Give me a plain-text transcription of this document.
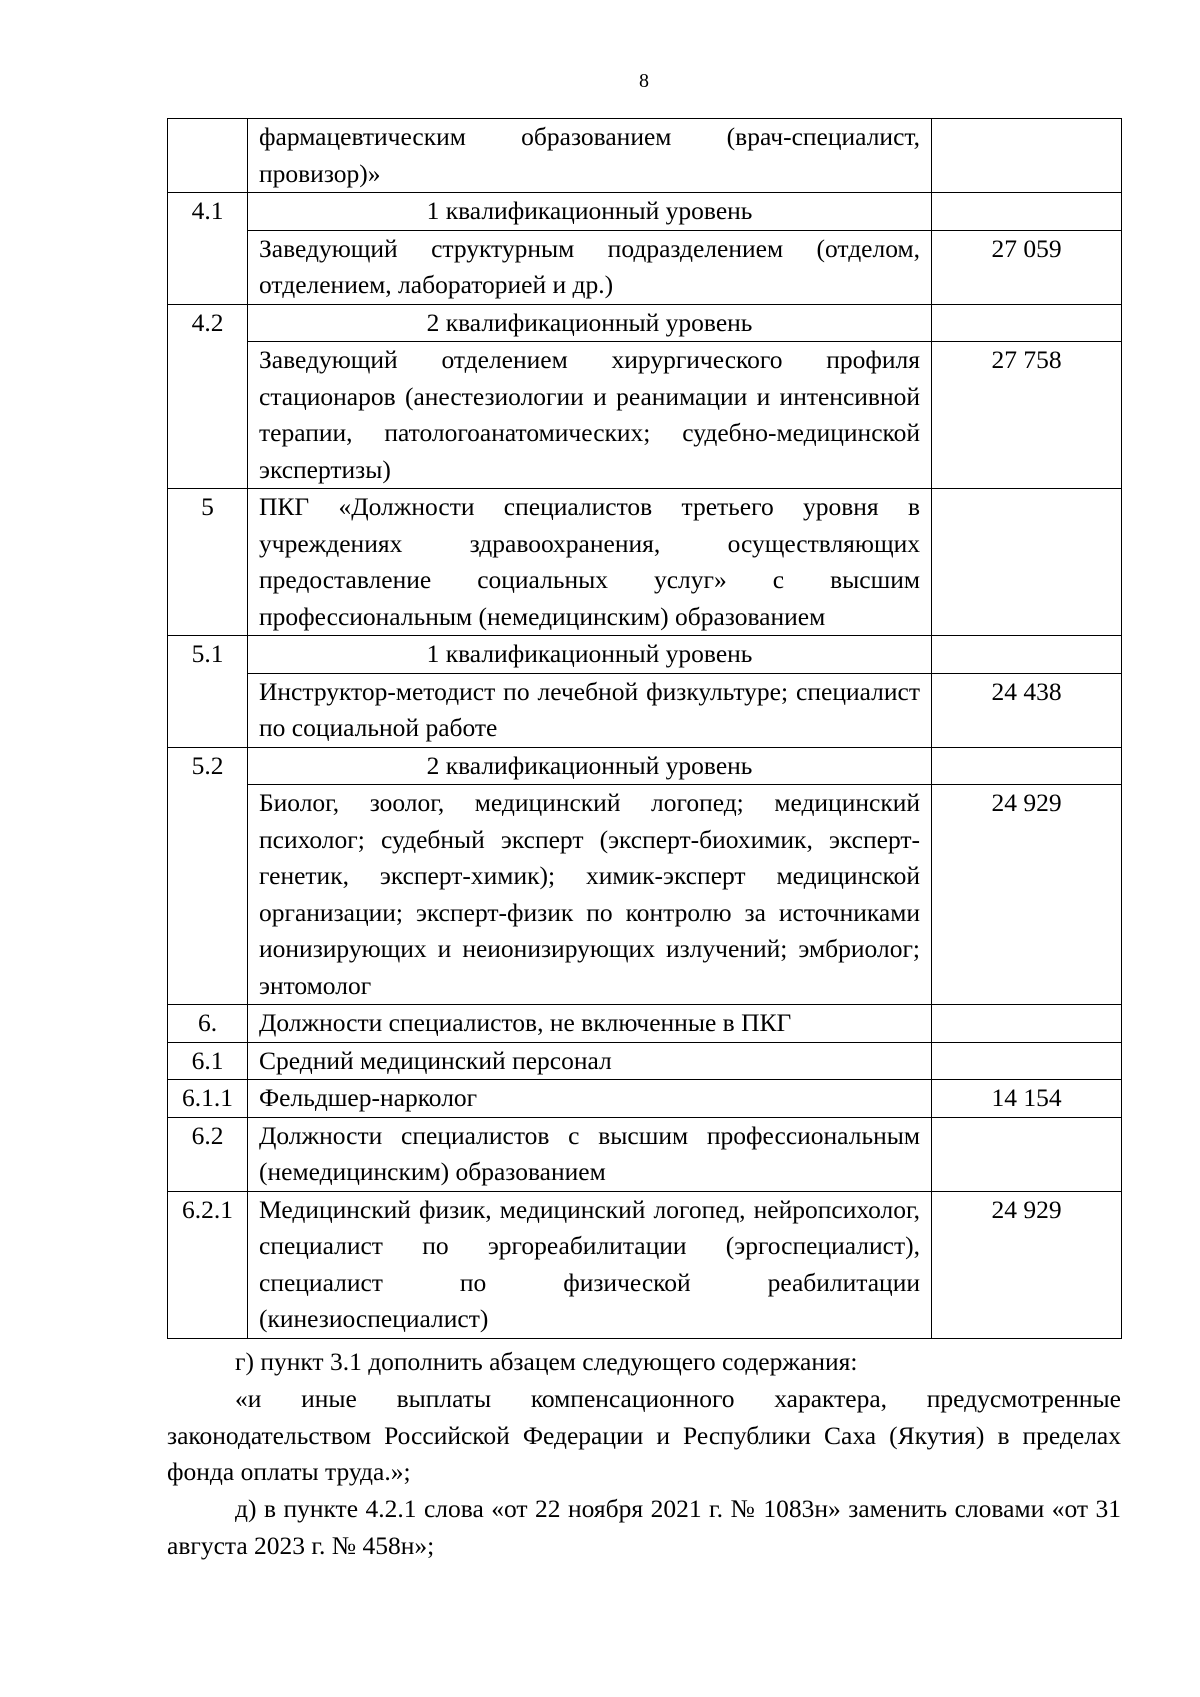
8
	фармацевтическим образованием (врач-специалист, провизор)»	
4.1	1 квалификационный уровень	
	Заведующий структурным подразделением (отделом, отделением, лабораторией и др.)	27 059
4.2	2 квалификационный уровень	
	Заведующий отделением хирургического профиля стационаров (анестезиологии и реанимации и интенсивной терапии, патологоанатомических; судебно-медицинской экспертизы)	27 758
5	ПКГ «Должности специалистов третьего уровня в учреждениях здравоохранения, осуществляющих предоставление социальных услуг» с высшим профессиональным (немедицинским) образованием	
5.1	1 квалификационный уровень	
	Инструктор-методист по лечебной физкультуре; специалист по социальной работе	24 438
5.2	2 квалификационный уровень	
	Биолог, зоолог, медицинский логопед; медицинский психолог; судебный эксперт (эксперт-биохимик, эксперт-генетик, эксперт-химик); химик-эксперт медицинской организации; эксперт-физик по контролю за источниками ионизирующих и неионизирующих излучений; эмбриолог; энтомолог	24 929
6.	Должности специалистов, не включенные в ПКГ	
6.1	Средний медицинский персонал	
6.1.1	Фельдшер-нарколог	14 154
6.2	Должности специалистов с высшим профессиональным (немедицинским) образованием	
6.2.1	Медицинский физик, медицинский логопед, нейропсихолог, специалист по эргореабилитации (эргоспециалист), специалист по физической реабилитации (кинезиоспециалист)	24 929
г) пункт 3.1 дополнить абзацем следующего содержания:
«и иные выплаты компенсационного характера, предусмотренные законодательством Российской Федерации и Республики Саха (Якутия) в пределах фонда оплаты труда.»;
д) в пункте 4.2.1 слова «от 22 ноября 2021 г. № 1083н» заменить словами «от 31 августа 2023 г. № 458н»;
